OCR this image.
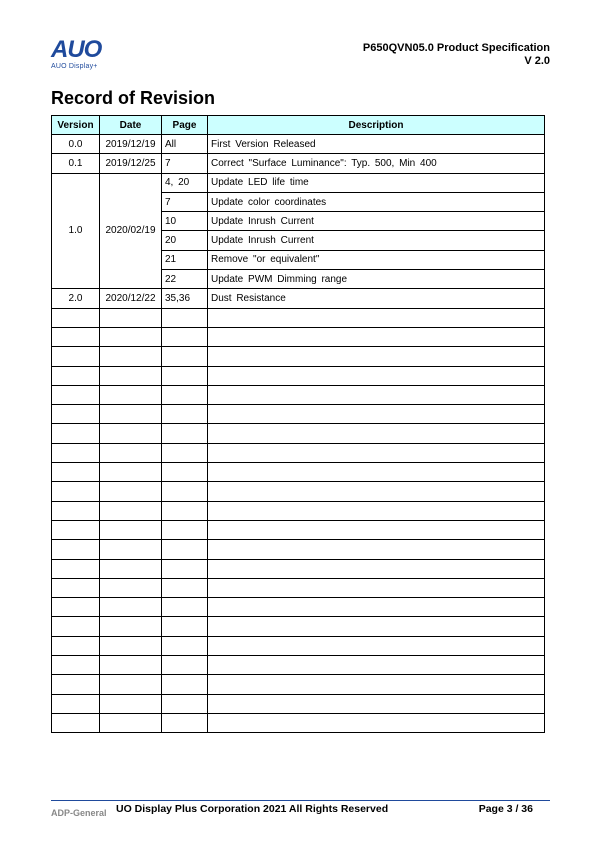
AUO
AUO Display+
P650QVN05.0 Product Specification
V 2.0
Record of Revision
Version	Date	Page	Description
0.0	2019/12/19	All	First Version Released
0.1	2019/12/25	7	Correct "Surface Luminance": Typ. 500, Min 400
1.0	2020/02/19	4, 20	Update LED life time
		7	Update color coordinates
		10	Update Inrush Current
		20	Update Inrush Current
		21	Remove "or equivalent"
		22	Update PWM Dimming range
2.0	2020/12/22	35,36	Dust Resistance

ADP-General UO Display Plus Corporation 2021 All Rights Reserved	Page 3 / 36
